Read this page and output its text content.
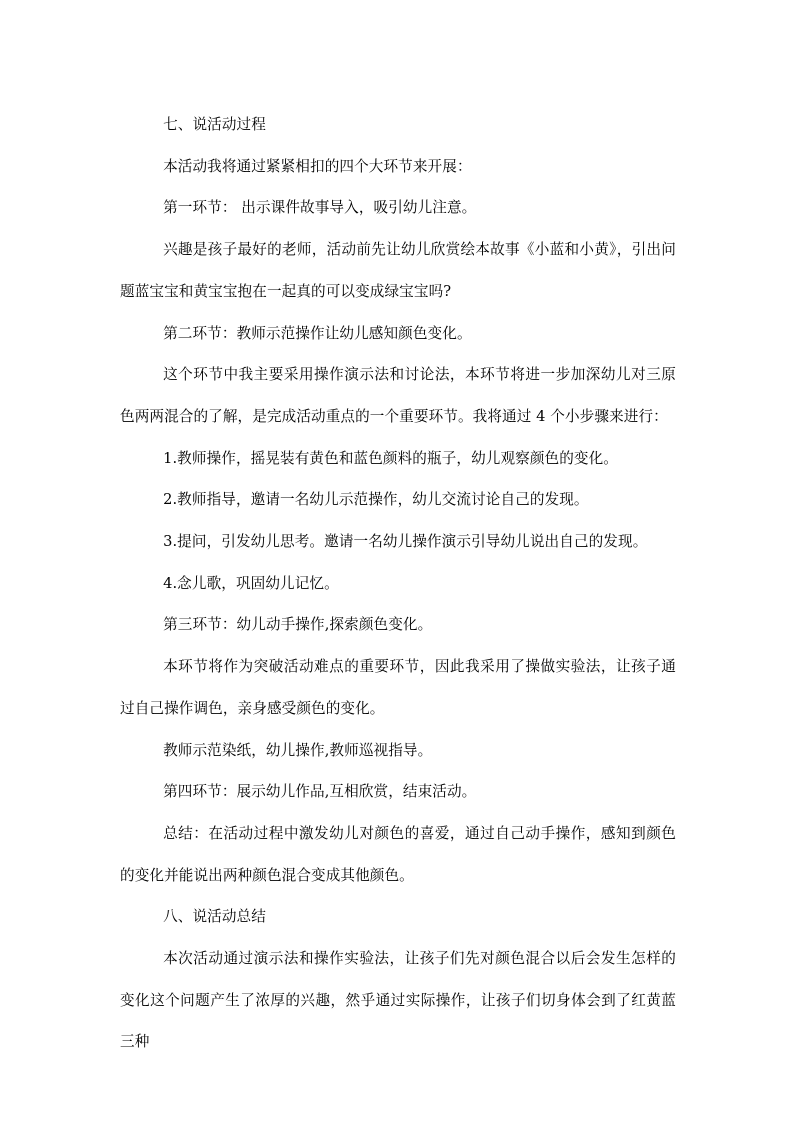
七、说活动过程

本活动我将通过紧紧相扣的四个大环节来开展：

第一环节： 出示课件故事导入，吸引幼儿注意。

兴趣是孩子最好的老师，活动前先让幼儿欣赏绘本故事《小蓝和小黄》，引出问题蓝宝宝和黄宝宝抱在一起真的可以变成绿宝宝吗?

第二环节：教师示范操作让幼儿感知颜色变化。

这个环节中我主要采用操作演示法和讨论法，本环节将进一步加深幼儿对三原色两两混合的了解，是完成活动重点的一个重要环节。我将通过 4 个小步骤来进行：

1.教师操作，摇晃装有黄色和蓝色颜料的瓶子，幼儿观察颜色的变化。

2.教师指导，邀请一名幼儿示范操作，幼儿交流讨论自己的发现。

3.提问，引发幼儿思考。邀请一名幼儿操作演示引导幼儿说出自己的发现。

4.念儿歌，巩固幼儿记忆。

第三环节：幼儿动手操作,探索颜色变化。

本环节将作为突破活动难点的重要环节，因此我采用了操做实验法，让孩子通过自己操作调色，亲身感受颜色的变化。

教师示范染纸，幼儿操作,教师巡视指导。

第四环节：展示幼儿作品,互相欣赏，结束活动。

总结：在活动过程中激发幼儿对颜色的喜爱，通过自己动手操作，感知到颜色的变化并能说出两种颜色混合变成其他颜色。

八、说活动总结

本次活动通过演示法和操作实验法，让孩子们先对颜色混合以后会发生怎样的变化这个问题产生了浓厚的兴趣，然乎通过实际操作，让孩子们切身体会到了红黄蓝三种
